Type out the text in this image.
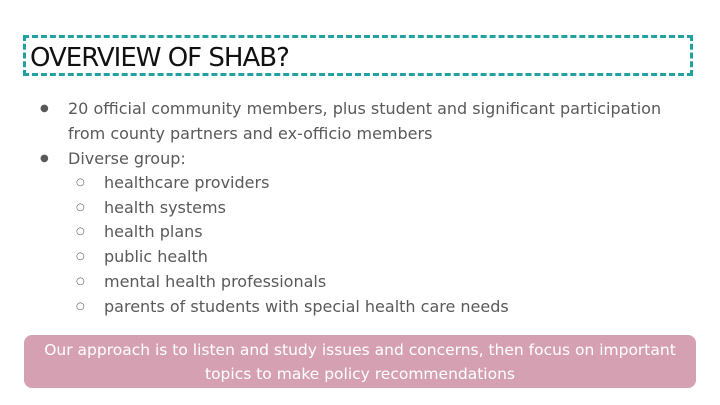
OVERVIEW OF SHAB?
● 20 official community members, plus student and significant participation from county partners and ex-officio members
● Diverse group:
○ healthcare providers
○ health systems
○ health plans
○ public health
○ mental health professionals
○ parents of students with special health care needs
Our approach is to listen and study issues and concerns, then focus on important topics to make policy recommendations
